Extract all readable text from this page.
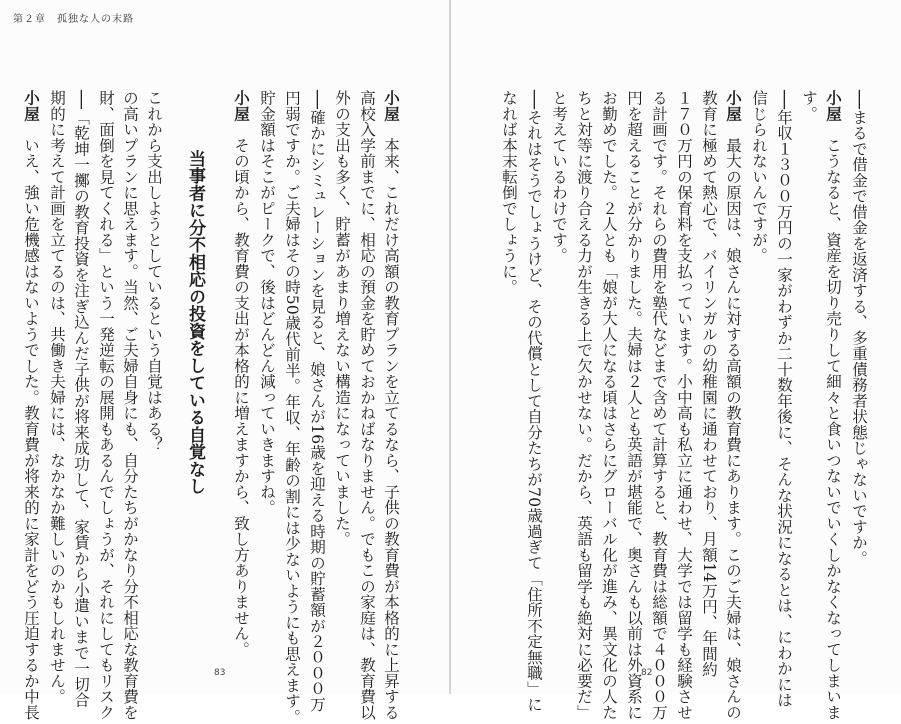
第２章　孤独な人の末路
小屋　いえ、強い危機感はないようでした。教育費が将来的に家計をどう圧迫するか中長 期的に考えて計画を立てるのは、共働き夫婦には、なかなか難しいのかもしれません。 ──「乾坤一擲の教育投資を注ぎ込んだ子供が将来成功して、家賃から小遣いまで一切合 財、面倒を見てくれる」という一発逆転の展開もあるんでしょうが、それにしてもリスク の高いプランに思えます。当然、ご夫婦自身にも、自分たちがかなり分不相応な教育費を これから支出しようとしているという自覚はある？ 当事者に分不相応の投資をしている自覚なし
小屋　その頃から、教育費の支出が本格的に増えますから、致し方ありません。 貯金額はそこがピークで、後はどんどん減っていきますね。 円弱ですか。ご夫婦はその時50歳代前半。年収、年齢の割には少ないようにも思えます。 ──確かにシミュレーションを見ると、娘さんが16歳を迎える時期の貯蓄額が２０００万 外の支出も多く、貯蓄があまり増えない構造になっていました。 高校入学前までに、相応の預金を貯めておかねばなりません。でもこの家庭は、教育費以 小屋　本来、これだけ高額の教育プランを立てるなら、子供の教育費が本格的に上昇する
83
──まるで借金で借金を返済する、多重債務者状態じゃないですか。
小屋　こうなると、資産を切り売りして細々と食いつないでいくしかなくなってしまいま
す。
──年収１３００万円の一家がわずか二十数年後に、そんな状況になるとは、にわかには
信じられないんですが。
小屋　最大の原因は、娘さんに対する高額の教育費にあります。このご夫婦は、娘さんの
教育に極めて熱心で、バイリンガルの幼稚園に通わせており、月額14万円、年間約
１７０万円の保育料を支払っています。小中高も私立に通わせ、大学では留学も経験させ
る計画です。それらの費用を塾代などまで含めて計算すると、教育費は総額で４０００万
円を超えることが分かりました。夫婦は２人とも英語が堪能で、奥さんも以前は外資系に
お勤めでした。２人とも「娘が大人になる頃はさらにグローバル化が進み、異文化の人た
ちと対等に渡り合える力が生きる上で欠かせない。だから、英語も留学も絶対に必要だ」
と考えているわけです。
──それはそうでしょうけど、その代償として自分たちが70歳過ぎて「住所不定無職」に
なれば本末転倒でしょうに。
82
